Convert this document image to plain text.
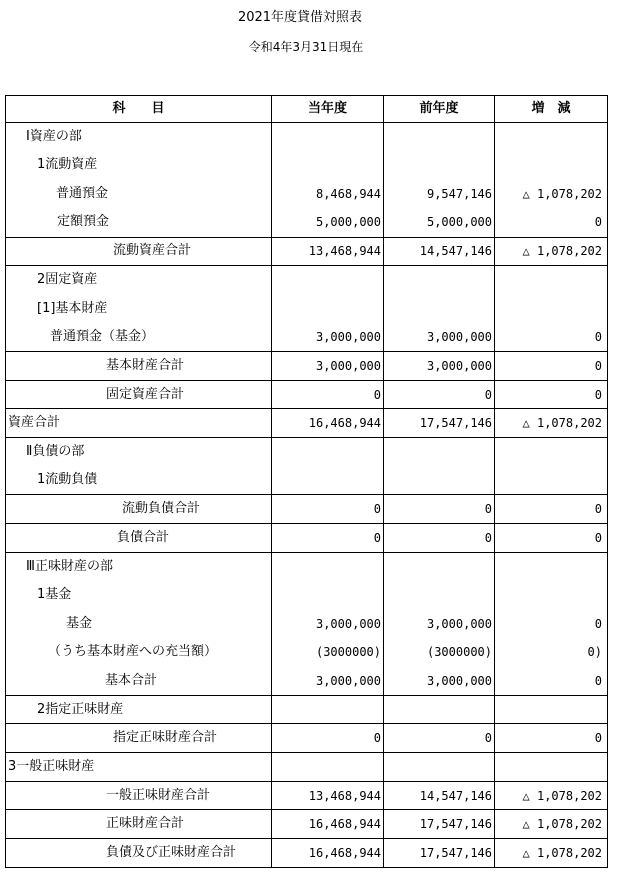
2021年度貸借対照表
令和4年3月31日現在
科　　目	当年度	前年度	増　減
Ⅰ資産の部			
1流動資産			
普通預金	8,468,944	9,547,146	△ 1,078,202
定額預金	5,000,000	5,000,000	0
流動資産合計	13,468,944	14,547,146	△ 1,078,202
2固定資産			
[1]基本財産			
普通預金（基金）	3,000,000	3,000,000	0
基本財産合計	3,000,000	3,000,000	0
固定資産合計	0	0	0
資産合計	16,468,944	17,547,146	△ 1,078,202
Ⅱ負債の部			
1流動負債			
流動負債合計	0	0	0
負債合計	0	0	0
Ⅲ正味財産の部			
1基金			
基金	3,000,000	3,000,000	0
（うち基本財産への充当額）	(3000000)	(3000000)	0)
基本合計	3,000,000	3,000,000	0
2指定正味財産			
指定正味財産合計	0	0	0
3一般正味財産			
一般正味財産合計	13,468,944	14,547,146	△ 1,078,202
正味財産合計	16,468,944	17,547,146	△ 1,078,202
負債及び正味財産合計	16,468,944	17,547,146	△ 1,078,202
